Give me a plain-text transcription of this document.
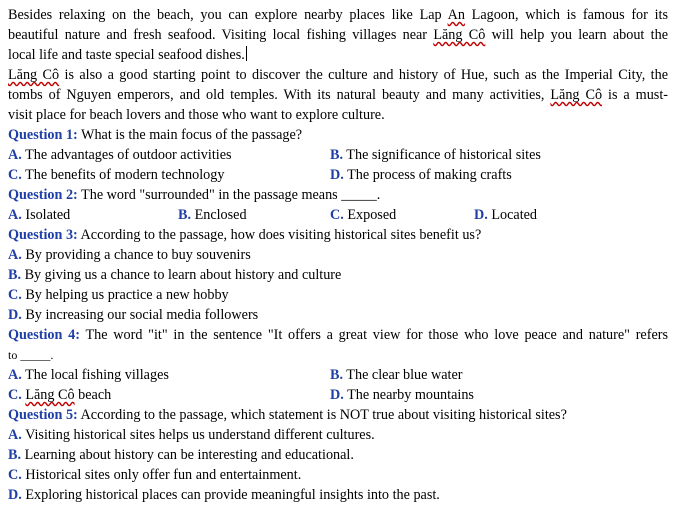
Besides relaxing on the beach, you can explore nearby places like Lap An Lagoon, which is famous for its
beautiful nature and fresh seafood. Visiting local fishing villages near Lăng Cô will help you learn about the
local life and taste special seafood dishes.
Lăng Cô is also a good starting point to discover the culture and history of Hue, such as the Imperial City, the
tombs of Nguyen emperors, and old temples. With its natural beauty and many activities, Lăng Cô is a must-
visit place for beach lovers and those who want to explore culture.
Question 1: What is the main focus of the passage?
A. The advantages of outdoor activities	B. The significance of historical sites
C. The benefits of modern technology	D. The process of making crafts
Question 2: The word "surrounded" in the passage means _____.
A. Isolated	B. Enclosed	C. Exposed	D. Located
Question 3: According to the passage, how does visiting historical sites benefit us?
A. By providing a chance to buy souvenirs
B. By giving us a chance to learn about history and culture
C. By helping us practice a new hobby
D. By increasing our social media followers
Question 4: The word "it" in the sentence "It offers a great view for those who love peace and nature" refers
to _____.
A. The local fishing villages	B. The clear blue water
C. Lăng Cô beach	D. The nearby mountains
Question 5: According to the passage, which statement is NOT true about visiting historical sites?
A. Visiting historical sites helps us understand different cultures.
B. Learning about history can be interesting and educational.
C. Historical sites only offer fun and entertainment.
D. Exploring historical places can provide meaningful insights into the past.
